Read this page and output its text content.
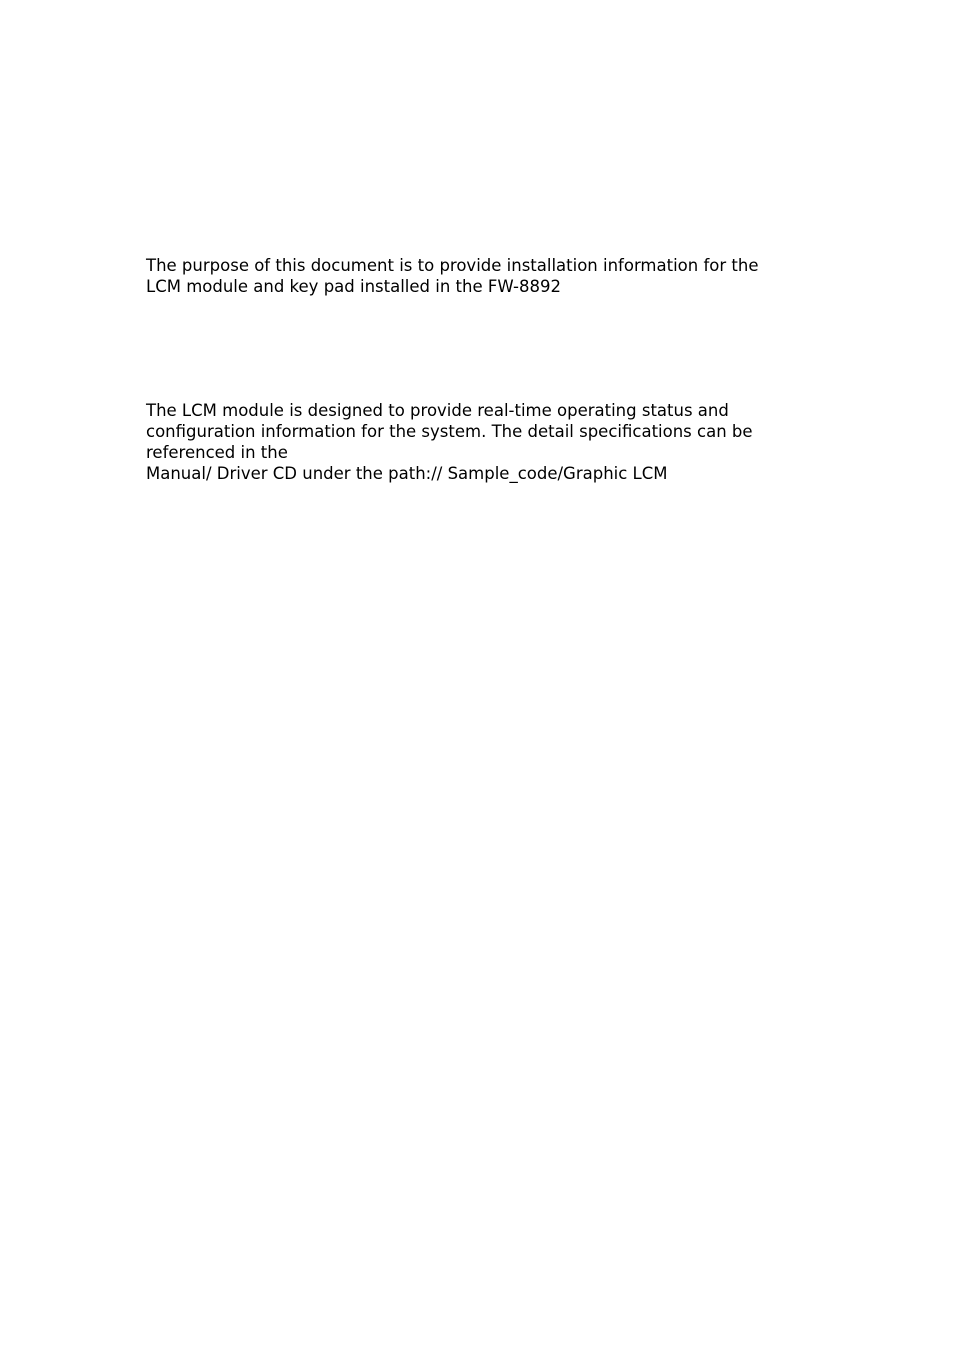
The purpose of this document is to provide installation information for the

LCM module and key pad installed in the FW-8892

The LCM module is designed to provide real-time operating status and

configuration information for the system. The detail specifications can be

referenced in the

Manual/ Driver CD under the path:// Sample_code/Graphic LCM
